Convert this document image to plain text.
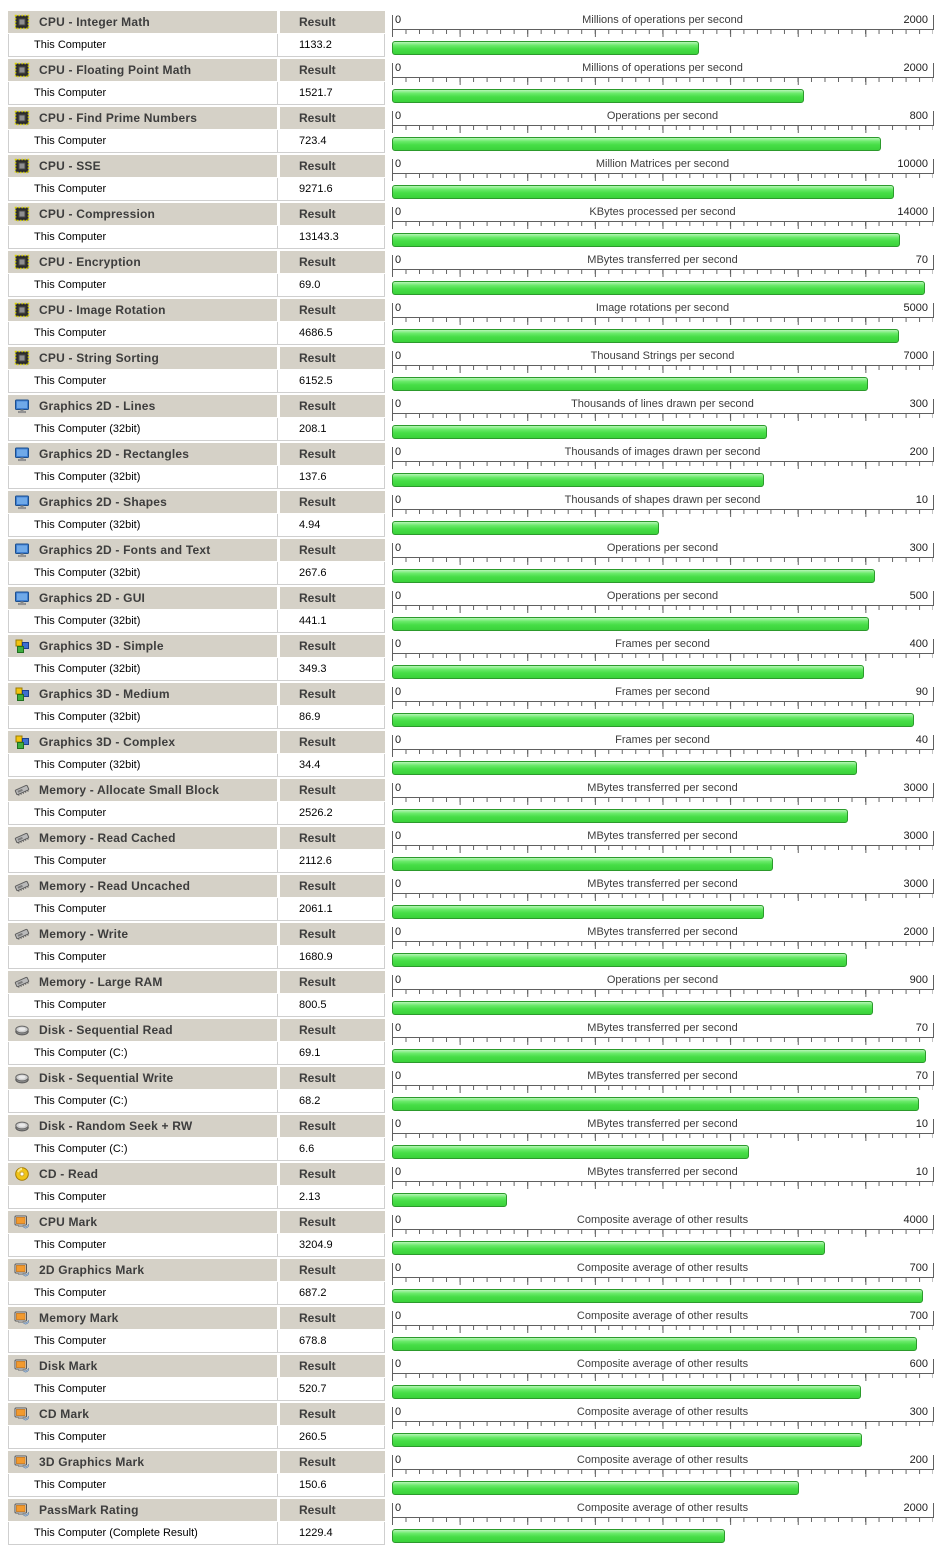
CPU - Integer Math	Result
This Computer	1133.2
0	Millions of operations per second	2000
CPU - Floating Point Math	Result
This Computer	1521.7
0	Millions of operations per second	2000
CPU - Find Prime Numbers	Result
This Computer	723.4
0	Operations per second	800
CPU - SSE	Result
This Computer	9271.6
0	Million Matrices per second	10000
CPU - Compression	Result
This Computer	13143.3
0	KBytes processed per second	14000
CPU - Encryption	Result
This Computer	69.0
0	MBytes transferred per second	70
CPU - Image Rotation	Result
This Computer	4686.5
0	Image rotations per second	5000
CPU - String Sorting	Result
This Computer	6152.5
0	Thousand Strings per second	7000
Graphics 2D - Lines	Result
This Computer (32bit)	208.1
0	Thousands of lines drawn per second	300
Graphics 2D - Rectangles	Result
This Computer (32bit)	137.6
0	Thousands of images drawn per second	200
Graphics 2D - Shapes	Result
This Computer (32bit)	4.94
0	Thousands of shapes drawn per second	10
Graphics 2D - Fonts and Text	Result
This Computer (32bit)	267.6
0	Operations per second	300
Graphics 2D - GUI	Result
This Computer (32bit)	441.1
0	Operations per second	500
Graphics 3D - Simple	Result
This Computer (32bit)	349.3
0	Frames per second	400
Graphics 3D - Medium	Result
This Computer (32bit)	86.9
0	Frames per second	90
Graphics 3D - Complex	Result
This Computer (32bit)	34.4
0	Frames per second	40
Memory - Allocate Small Block	Result
This Computer	2526.2
0	MBytes transferred per second	3000
Memory - Read Cached	Result
This Computer	2112.6
0	MBytes transferred per second	3000
Memory - Read Uncached	Result
This Computer	2061.1
0	MBytes transferred per second	3000
Memory - Write	Result
This Computer	1680.9
0	MBytes transferred per second	2000
Memory - Large RAM	Result
This Computer	800.5
0	Operations per second	900
Disk - Sequential Read	Result
This Computer (C:)	69.1
0	MBytes transferred per second	70
Disk - Sequential Write	Result
This Computer (C:)	68.2
0	MBytes transferred per second	70
Disk - Random Seek + RW	Result
This Computer (C:)	6.6
0	MBytes transferred per second	10
CD - Read	Result
This Computer	2.13
0	MBytes transferred per second	10
CPU Mark	Result
This Computer	3204.9
0	Composite average of other results	4000
2D Graphics Mark	Result
This Computer	687.2
0	Composite average of other results	700
Memory Mark	Result
This Computer	678.8
0	Composite average of other results	700
Disk Mark	Result
This Computer	520.7
0	Composite average of other results	600
CD Mark	Result
This Computer	260.5
0	Composite average of other results	300
3D Graphics Mark	Result
This Computer	150.6
0	Composite average of other results	200
PassMark Rating	Result
This Computer (Complete Result)	1229.4
0	Composite average of other results	2000
